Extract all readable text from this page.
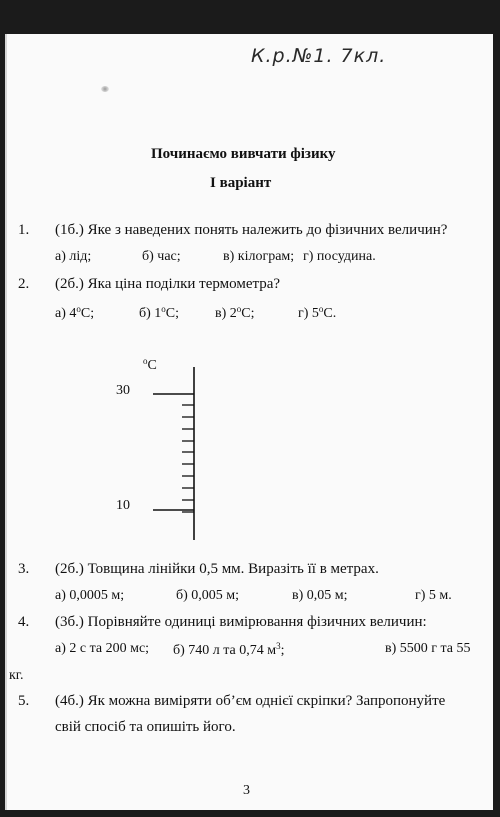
К.р.№1. 7кл.
Починаємо вивчати фізику
І варіант
1. (1б.) Яке з наведених понять належить до фізичних величин?
а) лід;	б) час;	в) кілограм; г) посудина.
2. (2б.) Яка ціна поділки термометра?
а) $4^оС$;	б) $1^оС$;	в) $2^оС$;	г) $5^оС$.
$^о$С
30
10
3. (2б.) Товщина лінійки 0,5 мм. Виразіть її в метрах.
а) 0,0005 м;	б) 0,005 м;	в) 0,05 м;	г) 5 м.
4. (3б.) Порівняйте одиниці вимірювання фізичних величин:
а) 2 с та 200 мс; б) 740 л та 0,74 $м^3$;	в) 5500 г та 55
кг.
5. (4б.) Як можна виміряти об’єм однієї скріпки? Запропонуйте
свій спосіб та опишіть його.
3
